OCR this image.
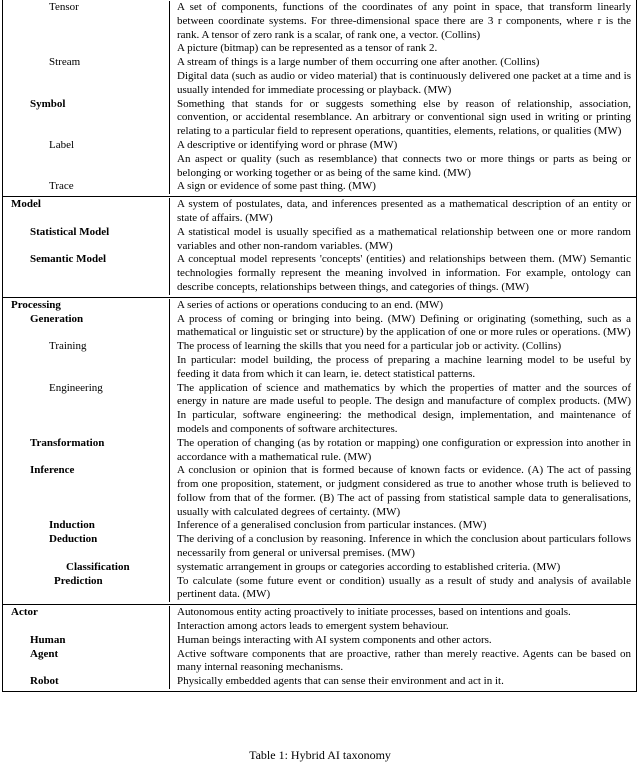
Tensor	A set of components, functions of the coordinates of any point in space, that transform linearly between coordinate systems. For three-dimensional space there are 3 r components, where r is the rank. A tensor of zero rank is a scalar, of rank one, a vector. (Collins)

A picture (bitmap) can be represented as a tensor of rank 2.

Stream	A stream of things is a large number of them occurring one after another. (Collins)

Digital data (such as audio or video material) that is continuously delivered one packet at a time and is usually intended for immediate processing or playback. (MW)

Symbol	Something that stands for or suggests something else by reason of relationship, association, convention, or accidental resemblance. An arbitrary or conventional sign used in writing or printing relating to a particular field to represent operations, quantities, elements, relations, or qualities (MW)

Label	A descriptive or identifying word or phrase (MW)

An aspect or quality (such as resemblance) that connects two or more things or parts as being or belonging or working together or as being of the same kind. (MW)

Trace	A sign or evidence of some past thing. (MW)

Model	A system of postulates, data, and inferences presented as a mathematical description of an entity or state of affairs. (MW)

Statistical Model	A statistical model is usually specified as a mathematical relationship between one or more random variables and other non-random variables. (MW)

Semantic Model	A conceptual model represents 'concepts' (entities) and relationships between them. (MW) Semantic technologies formally represent the meaning involved in information. For example, ontology can describe concepts, relationships between things, and categories of things. (MW)

Processing	A series of actions or operations conducing to an end. (MW)

Generation	A process of coming or bringing into being. (MW) Defining or originating (something, such as a mathematical or linguistic set or structure) by the application of one or more rules or operations. (MW)

Training	The process of learning the skills that you need for a particular job or activity. (Collins)

In particular: model building, the process of preparing a machine learning model to be useful by feeding it data from which it can learn, ie. detect statistical patterns.

Engineering	The application of science and mathematics by which the properties of matter and the sources of energy in nature are made useful to people. The design and manufacture of complex products. (MW) In particular, software engineering: the methodical design, implementation, and maintenance of models and components of software architectures.

Transformation	The operation of changing (as by rotation or mapping) one configuration or expression into another in accordance with a mathematical rule. (MW)

Inference	A conclusion or opinion that is formed because of known facts or evidence. (A) The act of passing from one proposition, statement, or judgment considered as true to another whose truth is believed to follow from that of the former. (B) The act of passing from statistical sample data to generalisations, usually with calculated degrees of certainty. (MW)

Induction	Inference of a generalised conclusion from particular instances. (MW)

Deduction	The deriving of a conclusion by reasoning. Inference in which the conclusion about particulars follows necessarily from general or universal premises. (MW)

Classification	systematic arrangement in groups or categories according to established criteria. (MW)

Prediction	To calculate (some future event or condition) usually as a result of study and analysis of available pertinent data. (MW)

Actor	Autonomous entity acting proactively to initiate processes, based on intentions and goals.

Interaction among actors leads to emergent system behaviour.

Human	Human beings interacting with AI system components and other actors.

Agent	Active software components that are proactive, rather than merely reactive. Agents can be based on many internal reasoning mechanisms.

Robot	Physically embedded agents that can sense their environment and act in it.

Table 1: Hybrid AI taxonomy
